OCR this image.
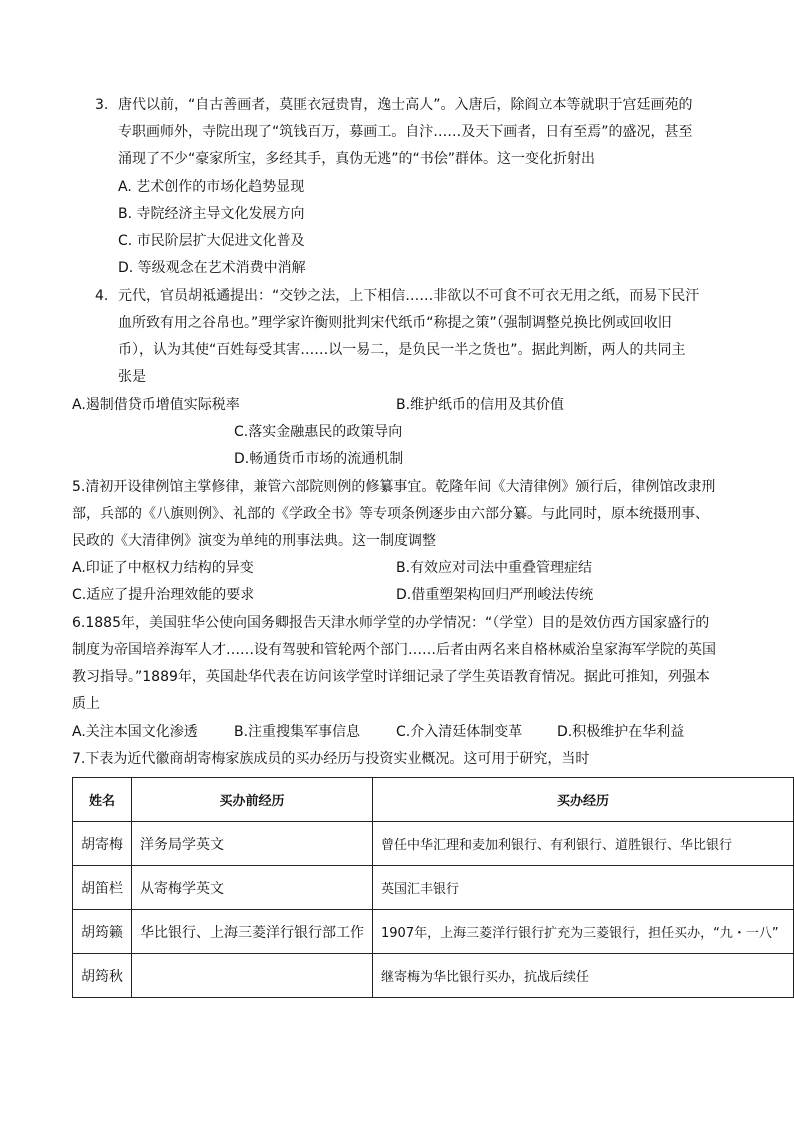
3. 唐代以前，“自古善画者，莫匪衣冠贵胄，逸士高人”。入唐后，除阎立本等就职于宫廷画苑的
专职画师外，寺院出现了“筑钱百万，募画工。自汴……及天下画者，日有至焉”的盛况，甚至
涌现了不少“豪家所宝，多经其手，真伪无逃”的“书侩”群体。这一变化折射出
A. 艺术创作的市场化趋势显现
B. 寺院经济主导文化发展方向
C. 市民阶层扩大促进文化普及
D. 等级观念在艺术消费中消解
4. 元代，官员胡祗遹提出：“交钞之法，上下相信……非欲以不可食不可衣无用之纸，而易下民汗
血所致有用之谷帛也。”理学家许衡则批判宋代纸币“称提之策”（强制调整兑换比例或回收旧
币），认为其使“百姓每受其害……以一易二，是负民一半之货也”。据此判断，两人的共同主
张是
A.遏制借贷币增值实际税率	B.维护纸币的信用及其价值
C.落实金融惠民的政策导向
D.畅通货币市场的流通机制
5.清初开设律例馆主掌修律，兼管六部院则例的修纂事宜。乾隆年间《大清律例》颁行后，律例馆改隶刑
部，兵部的《八旗则例》、礼部的《学政全书》等专项条例逐步由六部分纂。与此同时，原本统摄刑事、
民政的《大清律例》演变为单纯的刑事法典。这一制度调整
A.印证了中枢权力结构的异变	B.有效应对司法中重叠管理症结
C.适应了提升治理效能的要求	D.借重塑架构回归严刑峻法传统
6.1885年，美国驻华公使向国务卿报告天津水师学堂的办学情况：“（学堂）目的是效仿西方国家盛行的
制度为帝国培养海军人才……设有驾驶和管轮两个部门……后者由两名来自格林威治皇家海军学院的英国
教习指导。”1889年，英国赴华代表在访问该学堂时详细记录了学生英语教育情况。据此可推知，列强本
质上
A.关注本国文化渗透	B.注重搜集军事信息	C.介入清廷体制变革 D.积极维护在华利益
7.下表为近代徽商胡寄梅家族成员的买办经历与投资实业概况。这可用于研究，当时
姓名	买办前经历	买办经历
胡寄梅	洋务局学英文	曾任中华汇理和麦加利银行、有利银行、道胜银行、华比银行
胡笛栏	从寄梅学英文	英国汇丰银行
胡筠籁	华比银行、上海三菱洋行银行部工作	1907年，上海三菱洋行银行扩充为三菱银行，担任买办，“九・一八”
胡筠秋		继寄梅为华比银行买办，抗战后续任
